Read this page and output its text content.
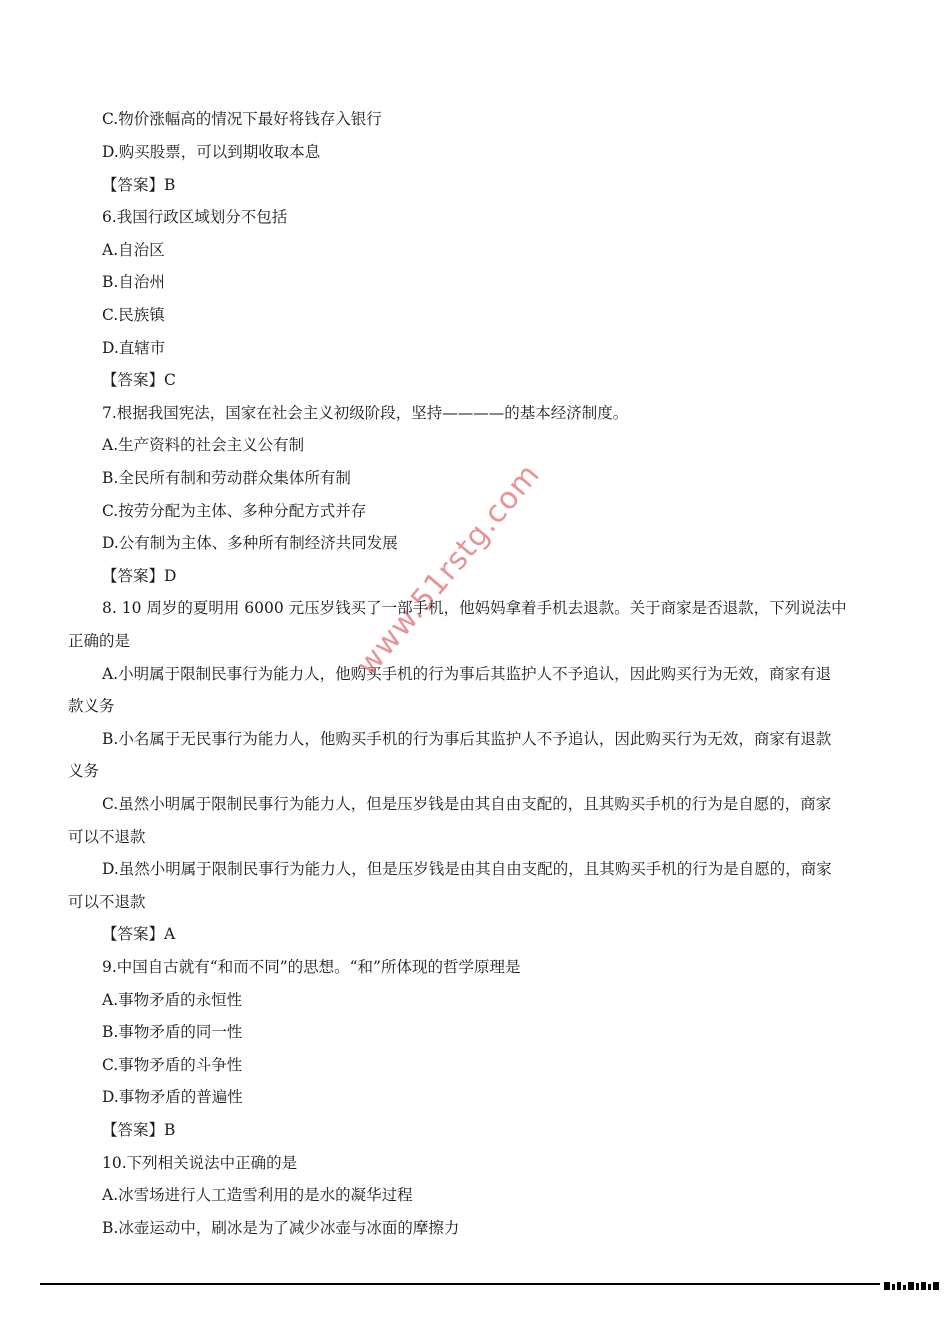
C.物价涨幅高的情况下最好将钱存入银行
D.购买股票，可以到期收取本息
【答案】B
6.我国行政区域划分不包括
A.自治区
B.自治州
C.民族镇
D.直辖市
【答案】C
7.根据我国宪法，国家在社会主义初级阶段，坚持————的基本经济制度。
A.生产资料的社会主义公有制
B.全民所有制和劳动群众集体所有制
C.按劳分配为主体、多种分配方式并存
D.公有制为主体、多种所有制经济共同发展
【答案】D
8. 10 周岁的夏明用 6000 元压岁钱买了一部手机，他妈妈拿着手机去退款。关于商家是否退款，下列说法中
正确的是
A.小明属于限制民事行为能力人，他购买手机的行为事后其监护人不予追认，因此购买行为无效，商家有退
款义务
B.小名属于无民事行为能力人，他购买手机的行为事后其监护人不予追认，因此购买行为无效，商家有退款
义务
C.虽然小明属于限制民事行为能力人，但是压岁钱是由其自由支配的，且其购买手机的行为是自愿的，商家
可以不退款
D.虽然小明属于限制民事行为能力人，但是压岁钱是由其自由支配的，且其购买手机的行为是自愿的，商家
可以不退款
【答案】A
9.中国自古就有“和而不同”的思想。“和”所体现的哲学原理是
A.事物矛盾的永恒性
B.事物矛盾的同一性
C.事物矛盾的斗争性
D.事物矛盾的普遍性
【答案】B
10.下列相关说法中正确的是
A.冰雪场进行人工造雪利用的是水的凝华过程
B.冰壶运动中，刷冰是为了减少冰壶与冰面的摩擦力
www.51rstg.com
